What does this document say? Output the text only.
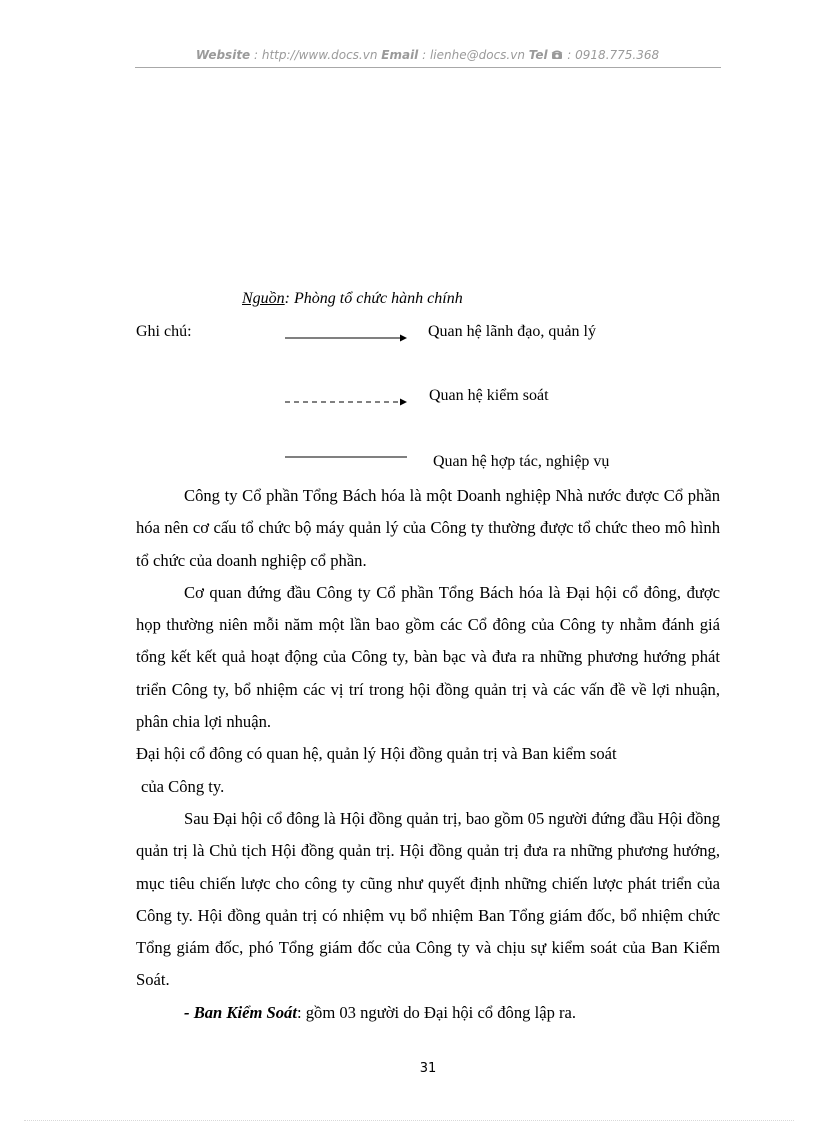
Website : http://www.docs.vn Email : lienhe@docs.vn Tel  : 0918.775.368
Nguồn: Phòng tổ chức hành chính
Ghi chú:	Quan hệ lãnh đạo, quản lý
Quan hệ kiểm soát
Quan hệ hợp tác, nghiệp vụ

Công ty Cổ phần Tổng Bách hóa là một Doanh nghiệp Nhà nước được Cổ phần hóa nên cơ cấu tổ chức bộ máy quản lý của Công ty thường được tổ chức theo mô hình tổ chức của doanh nghiệp cổ phần.

Cơ quan đứng đầu Công ty Cổ phần Tổng Bách hóa là Đại hội cổ đông, được họp thường niên mỗi năm một lần bao gồm các Cổ đông của Công ty nhằm đánh giá tổng kết kết quả hoạt động của Công ty, bàn bạc và đưa ra những phương hướng phát triển Công ty, bổ nhiệm các vị trí trong hội đồng quản trị và các vấn đề về lợi nhuận, phân chia lợi nhuận.

Đại hội cổ đông có quan hệ, quản lý Hội đồng quản trị và Ban kiểm soát

của Công ty.

Sau Đại hội cổ đông là Hội đồng quản trị, bao gồm 05 người đứng đầu Hội đồng quản trị là Chủ tịch Hội đồng quản trị. Hội đồng quản trị đưa ra những phương hướng, mục tiêu chiến lược cho công ty cũng như quyết định những chiến lược phát triển của Công ty. Hội đồng quản trị có nhiệm vụ bổ nhiệm Ban Tổng giám đốc, bổ nhiệm chức Tổng giám đốc, phó Tổng giám đốc của Công ty và chịu sự kiểm soát của Ban Kiểm Soát.

- Ban Kiểm Soát: gồm 03 người do Đại hội cổ đông lập ra.

31
